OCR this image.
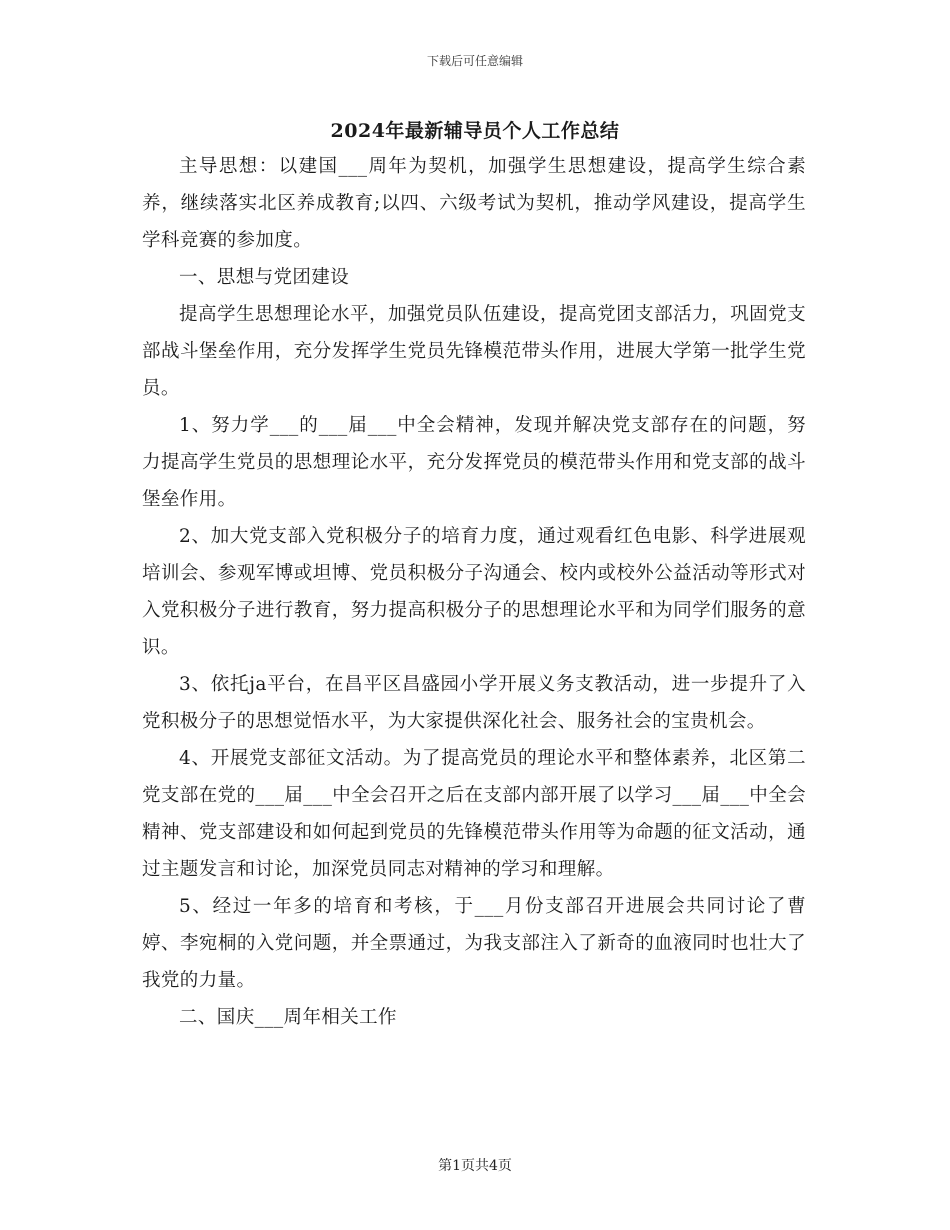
下载后可任意编辑
2024年最新辅导员个人工作总结

主导思想：以建国___周年为契机，加强学生思想建设，提高学生综合素养，继续落实北区养成教育;以四、六级考试为契机，推动学风建设，提高学生学科竞赛的参加度。

一、思想与党团建设

提高学生思想理论水平，加强党员队伍建设，提高党团支部活力，巩固党支部战斗堡垒作用，充分发挥学生党员先锋模范带头作用，进展大学第一批学生党员。

1、努力学___的___届___中全会精神，发现并解决党支部存在的问题，努力提高学生党员的思想理论水平，充分发挥党员的模范带头作用和党支部的战斗堡垒作用。

2、加大党支部入党积极分子的培育力度，通过观看红色电影、科学进展观培训会、参观军博或坦博、党员积极分子沟通会、校内或校外公益活动等形式对入党积极分子进行教育，努力提高积极分子的思想理论水平和为同学们服务的意识。

3、依托ja平台，在昌平区昌盛园小学开展义务支教活动，进一步提升了入党积极分子的思想觉悟水平，为大家提供深化社会、服务社会的宝贵机会。

4、开展党支部征文活动。为了提高党员的理论水平和整体素养，北区第二党支部在党的___届___中全会召开之后在支部内部开展了以学习___届___中全会精神、党支部建设和如何起到党员的先锋模范带头作用等为命题的征文活动，通过主题发言和讨论，加深党员同志对精神的学习和理解。

5、经过一年多的培育和考核，于___月份支部召开进展会共同讨论了曹婷、李宛桐的入党问题，并全票通过，为我支部注入了新奇的血液同时也壮大了我党的力量。

二、国庆___周年相关工作

第1页共4页
